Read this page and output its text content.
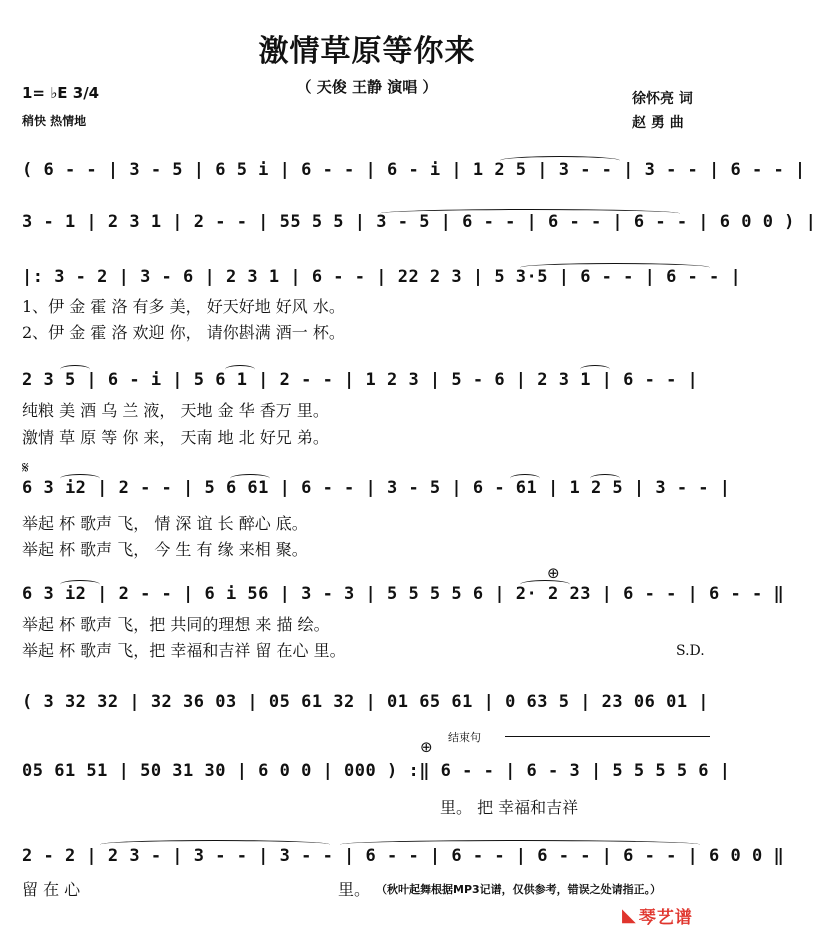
激情草原等你来
（ 天俊 王静 演唱 ）
1= ♭E 3/4
稍快 热情地
徐怀亮 词
赵 勇 曲
( 6 - - | 3 - 5 | 6 5 i | 6 - - | 6 - i | 1 2 5 | 3 - - | 3 - - | 6 - - |
3 - 1 | 2 3 1 | 2 - - | 55 5 5 | 3 - 5 | 6 - - | 6 - - | 6 - - | 6 0 0 ) |
|: 3 - 2 | 3 - 6 | 2 3 1 | 6 - - | 22 2 3 | 5 3·5 | 6 - - | 6 - - |
1、伊 金 霍 洛 有多 美， 好天好地 好风 水。
2、伊 金 霍 洛 欢迎 你， 请你斟满 酒一 杯。
2 3 5 | 6 - i | 5 6 1 | 2 - - | 1 2 3 | 5 - 6 | 2 3 1 | 6 - - |
纯粮 美 酒 乌 兰 液， 天地 金 华 香万 里。
激情 草 原 等 你 来， 天南 地 北 好兄 弟。
𝄋
6 3 i2 | 2 - - | 5 6 61 | 6 - - | 3 - 5 | 6 - 61 | 1 2 5 | 3 - - |
举起 杯 歌声 飞， 情 深 谊 长 醉心 底。
举起 杯 歌声 飞， 今 生 有 缘 来相 聚。
⊕
6 3 i2 | 2 - - | 6 i 56 | 3 - 3 | 5 5 5 5 6 | 2· 2 23 | 6 - - | 6 - - ‖
举起 杯 歌声 飞，把 共同的理想 来 描 绘。
举起 杯 歌声 飞，把 幸福和吉祥 留 在心 里。	S.D.
( 3 32 32 | 32 36 03 | 05 61 32 | 01 65 61 | 0 63 5 | 23 06 01 |
结束句
⊕
05 61 51 | 50 31 30 | 6 0 0 | 000 ) :‖ 6 - - | 6 - 3 | 5 5 5 5 6 |
里。 把 幸福和吉祥
2 - 2 | 2 3 - | 3 - - | 3 - - | 6 - - | 6 - - | 6 - - | 6 - - | 6 0 0 ‖
留 在 心	里。 （秋叶起舞根据MP3记谱，仅供参考，错误之处请指正。）
◣ 琴艺谱
